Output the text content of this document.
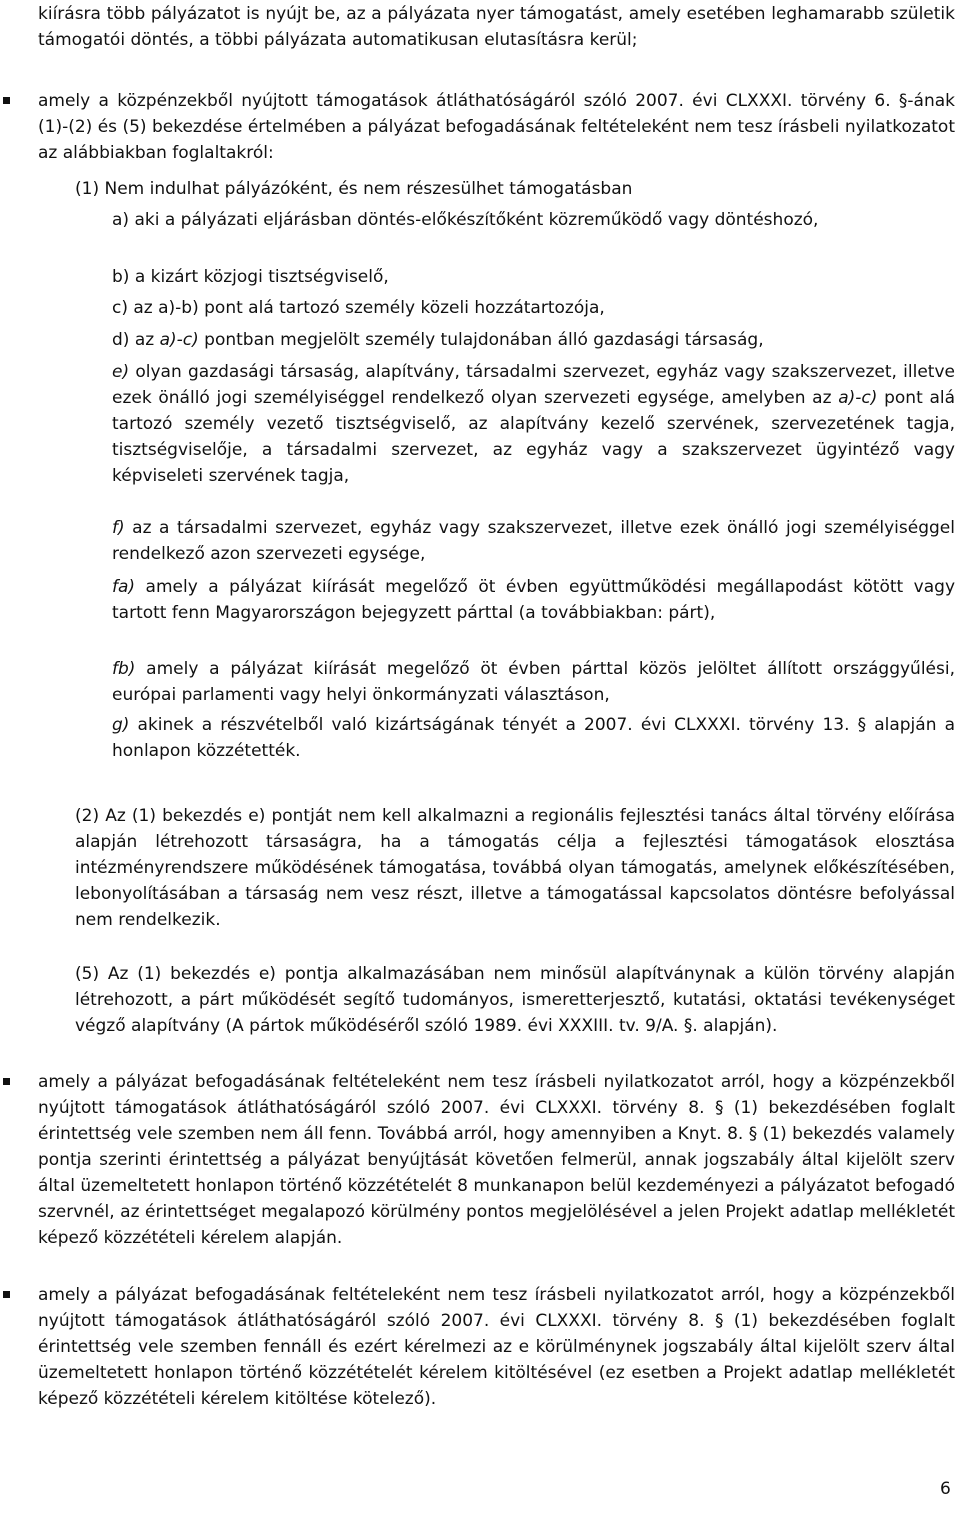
kiírásra több pályázatot is nyújt be, az a pályázata nyer támogatást, amely esetében leghamarabb születik támogatói döntés, a többi pályázata automatikusan elutasításra kerül;

amely a közpénzekből nyújtott támogatások átláthatóságáról szóló 2007. évi CLXXXI. törvény 6. §-ának (1)-(2) és (5) bekezdése értelmében a pályázat befogadásának feltételeként nem tesz írásbeli nyilatkozatot az alábbiakban foglaltakról:

(1) Nem indulhat pályázóként, és nem részesülhet támogatásban

a) aki a pályázati eljárásban döntés-előkészítőként közreműködő vagy döntéshozó,

b) a kizárt közjogi tisztségviselő,

c) az a)-b) pont alá tartozó személy közeli hozzátartozója,

d) az a)-c) pontban megjelölt személy tulajdonában álló gazdasági társaság,

e) olyan gazdasági társaság, alapítvány, társadalmi szervezet, egyház vagy szakszervezet, illetve ezek önálló jogi személyiséggel rendelkező olyan szervezeti egysége, amelyben az a)-c) pont alá tartozó személy vezető tisztségviselő, az alapítvány kezelő szervének, szervezetének tagja, tisztségviselője, a társadalmi szervezet, az egyház vagy a szakszervezet ügyintéző vagy képviseleti szervének tagja,

f) az a társadalmi szervezet, egyház vagy szakszervezet, illetve ezek önálló jogi személyiséggel rendelkező azon szervezeti egysége,

fa) amely a pályázat kiírását megelőző öt évben együttműködési megállapodást kötött vagy tartott fenn Magyarországon bejegyzett párttal (a továbbiakban: párt),

fb) amely a pályázat kiírását megelőző öt évben párttal közös jelöltet állított országgyűlési, európai parlamenti vagy helyi önkormányzati választáson,

g) akinek a részvételből való kizártságának tényét a 2007. évi CLXXXI. törvény 13. § alapján a honlapon közzétették.

(2) Az (1) bekezdés e) pontját nem kell alkalmazni a regionális fejlesztési tanács által törvény előírása alapján létrehozott társaságra, ha a támogatás célja a fejlesztési támogatások elosztása intézményrendszere működésének támogatása, továbbá olyan támogatás, amelynek előkészítésében, lebonyolításában a társaság nem vesz részt, illetve a támogatással kapcsolatos döntésre befolyással nem rendelkezik.

(5) Az (1) bekezdés e) pontja alkalmazásában nem minősül alapítványnak a külön törvény alapján létrehozott, a párt működését segítő tudományos, ismeretterjesztő, kutatási, oktatási tevékenységet végző alapítvány (A pártok működéséről szóló 1989. évi XXXIII. tv. 9/A. §. alapján).

amely a pályázat befogadásának feltételeként nem tesz írásbeli nyilatkozatot arról, hogy a közpénzekből nyújtott támogatások átláthatóságáról szóló 2007. évi CLXXXI. törvény 8. § (1) bekezdésében foglalt érintettség vele szemben nem áll fenn. Továbbá arról, hogy amennyiben a Knyt. 8. § (1) bekezdés valamely pontja szerinti érintettség a pályázat benyújtását követően felmerül, annak jogszabály által kijelölt szerv által üzemeltetett honlapon történő közzétételét 8 munkanapon belül kezdeményezi a pályázatot befogadó szervnél, az érintettséget megalapozó körülmény pontos megjelölésével a jelen Projekt adatlap mellékletét képező közzétételi kérelem alapján.

amely a pályázat befogadásának feltételeként nem tesz írásbeli nyilatkozatot arról, hogy a közpénzekből nyújtott támogatások átláthatóságáról szóló 2007. évi CLXXXI. törvény 8. § (1) bekezdésében foglalt érintettség vele szemben fennáll és ezért kérelmezi az e körülménynek jogszabály által kijelölt szerv által üzemeltetett honlapon történő közzétételét kérelem kitöltésével (ez esetben a Projekt adatlap mellékletét képező közzétételi kérelem kitöltése kötelező).

6
